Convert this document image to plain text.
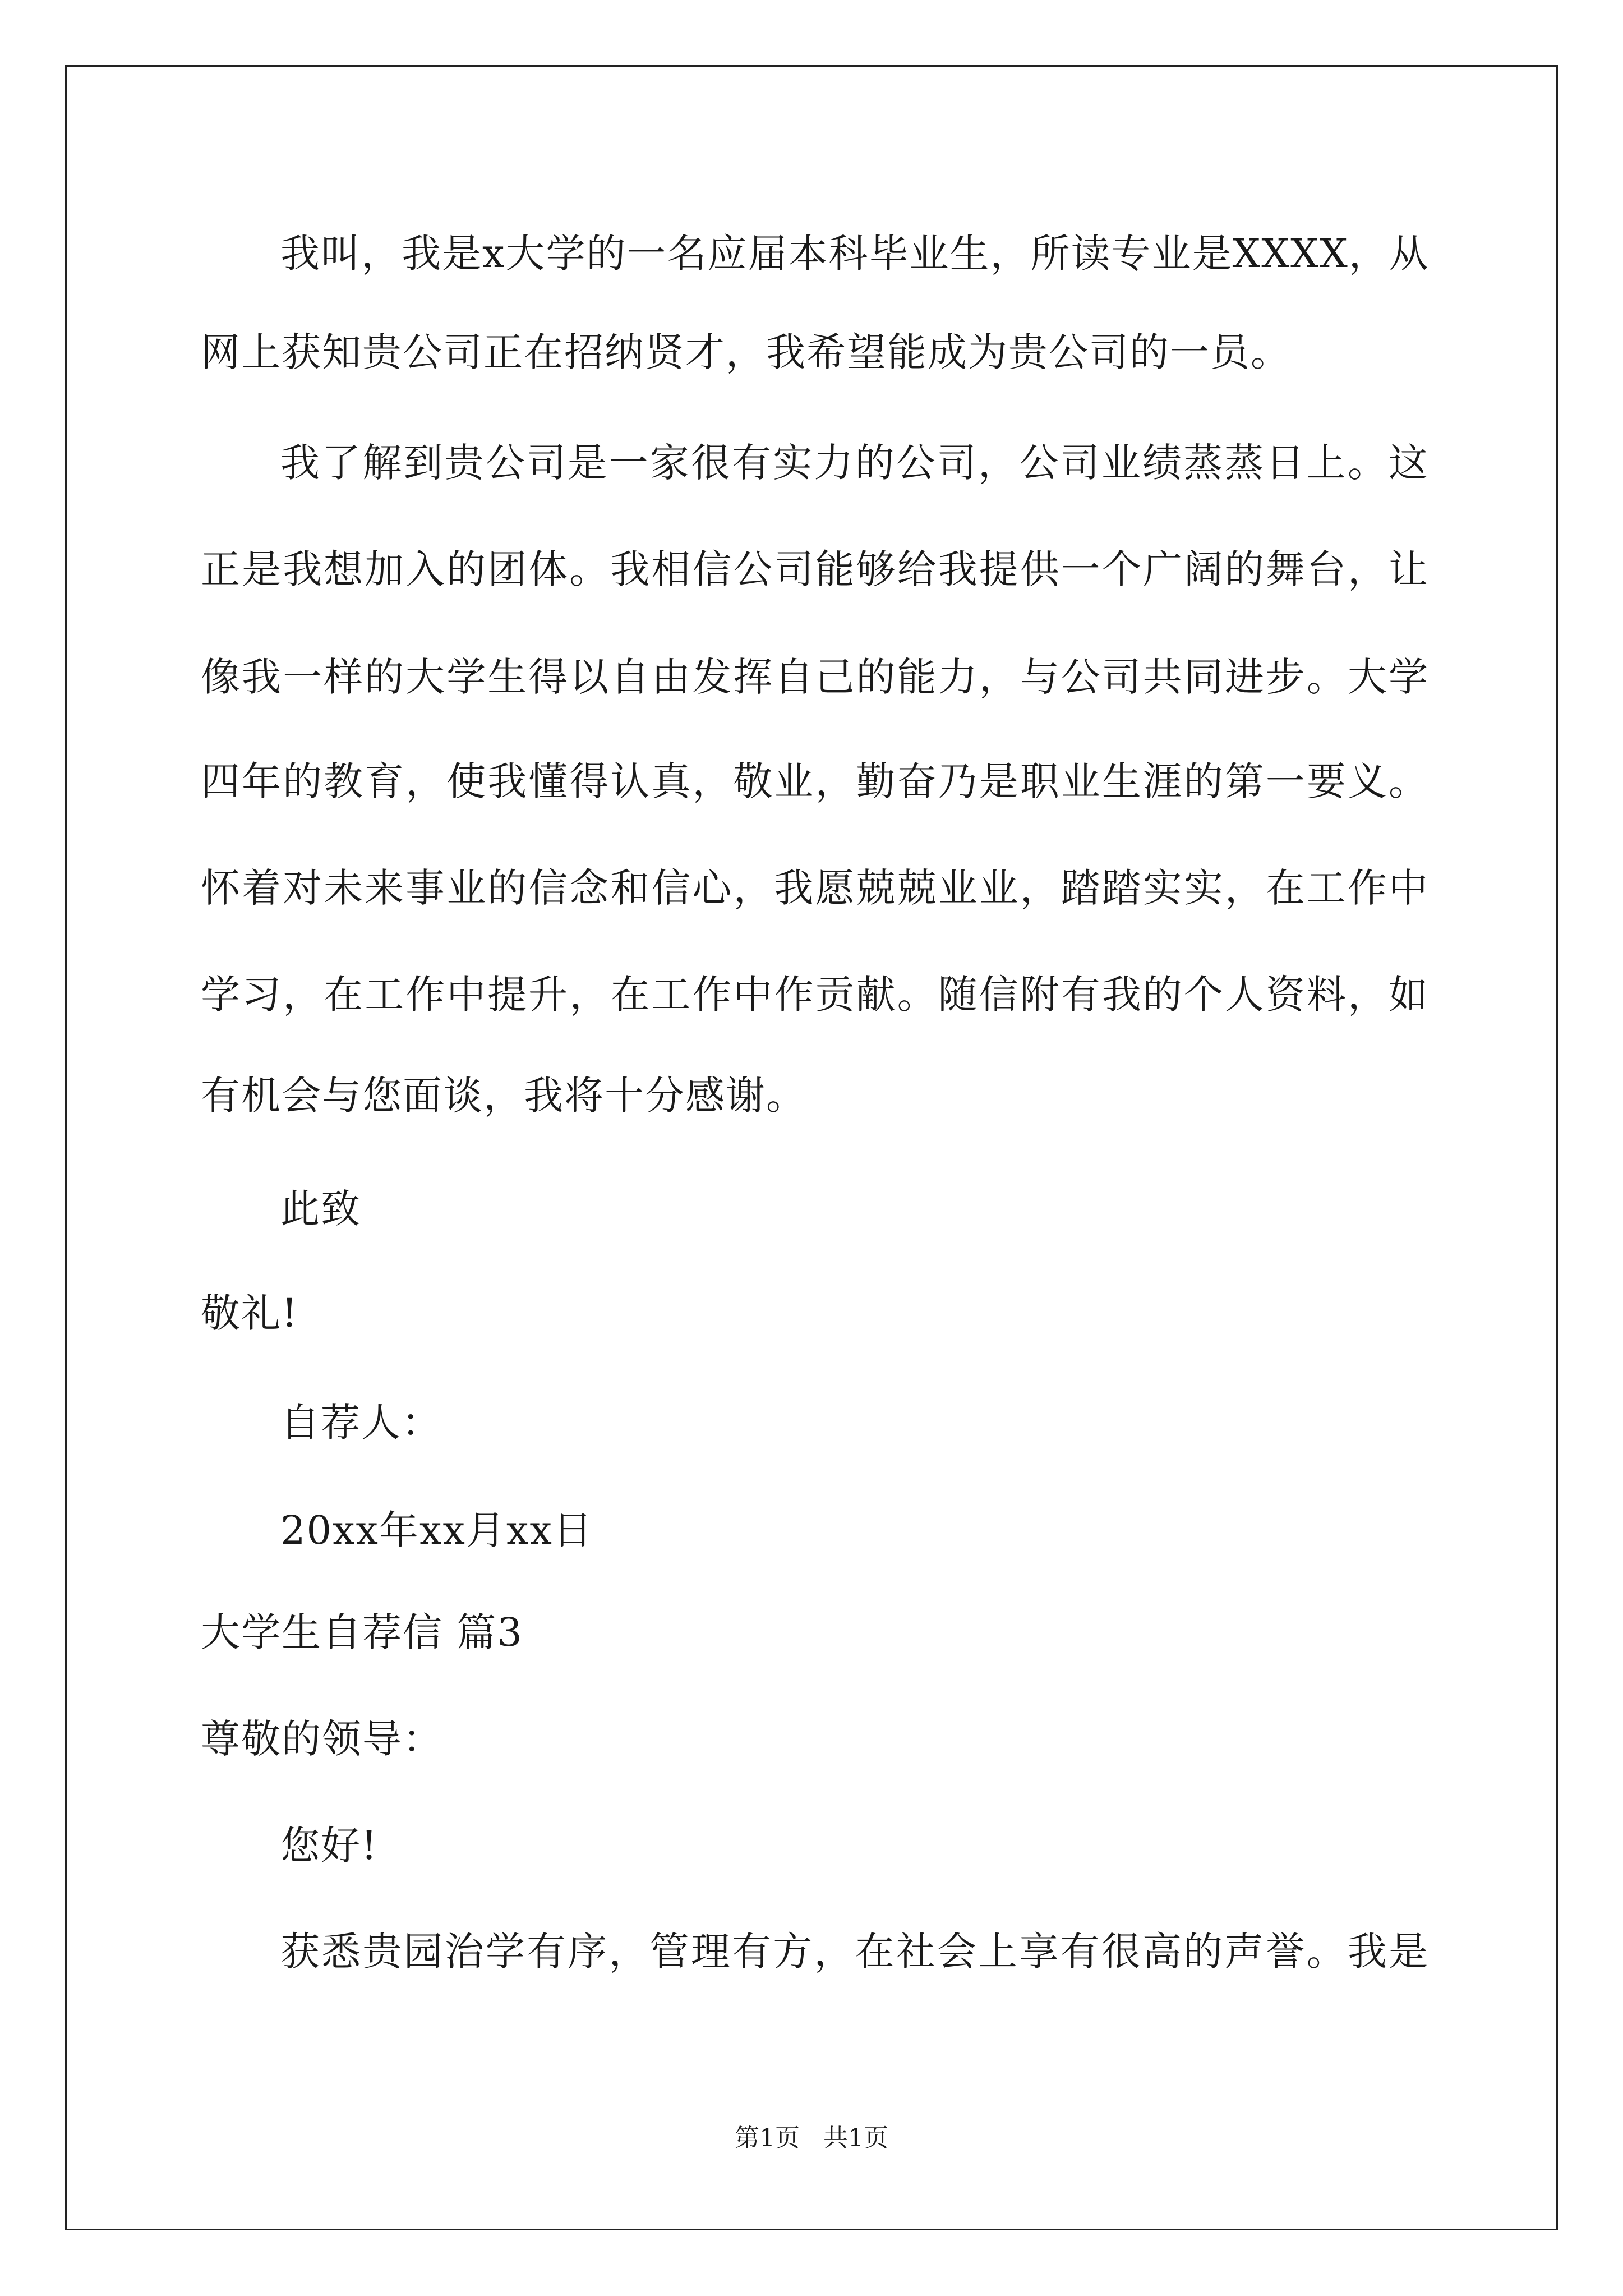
我叫，我是x大学的一名应届本科毕业生，所读专业是XXXX，从
网上获知贵公司正在招纳贤才，我希望能成为贵公司的一员。
我了解到贵公司是一家很有实力的公司，公司业绩蒸蒸日上。这
正是我想加入的团体。我相信公司能够给我提供一个广阔的舞台，让
像我一样的大学生得以自由发挥自己的能力，与公司共同进步。大学
四年的教育，使我懂得认真，敬业，勤奋乃是职业生涯的第一要义。
怀着对未来事业的信念和信心，我愿兢兢业业，踏踏实实，在工作中
学习，在工作中提升，在工作中作贡献。随信附有我的个人资料，如
有机会与您面谈，我将十分感谢。
此致
敬礼!
自荐人：
20xx年xx月xx日
大学生自荐信 篇3
尊敬的领导：
您好!
获悉贵园治学有序，管理有方，在社会上享有很高的声誉。我是
第1页 共1页
